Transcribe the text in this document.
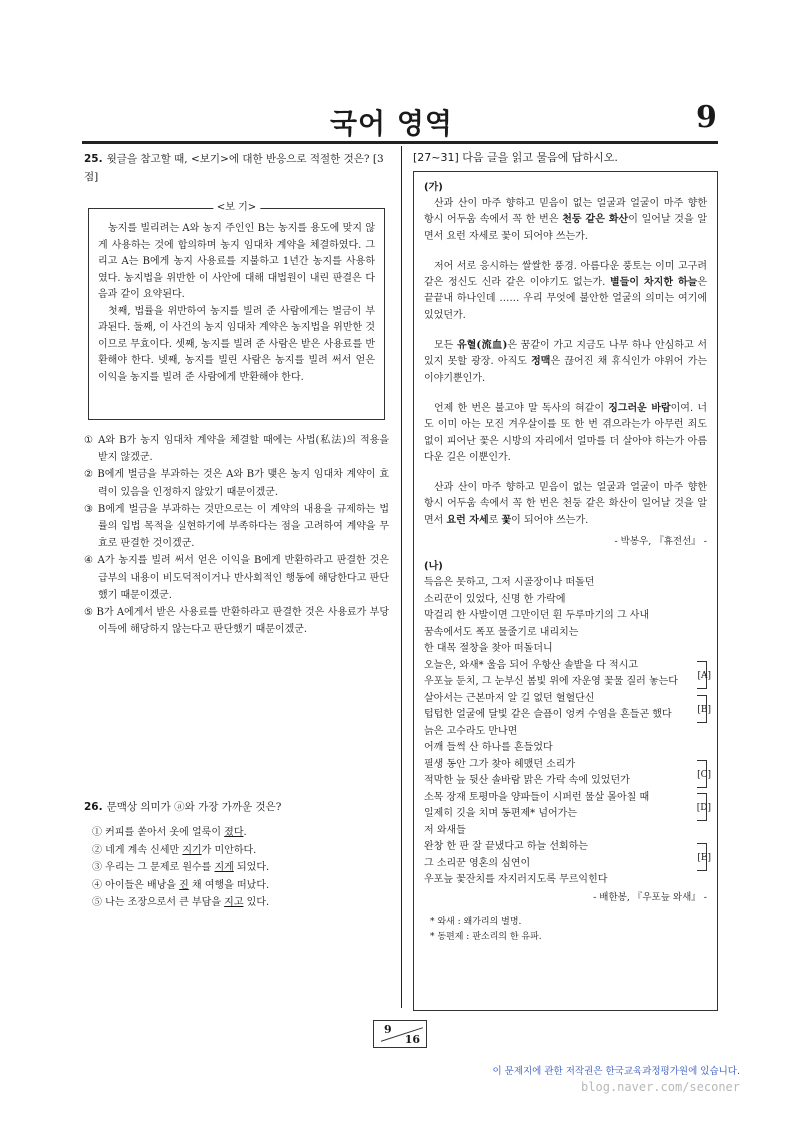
국어 영역	9
25. 윗글을 참고할 때, <보기>에 대한 반응으로 적절한 것은? [3점]
<보 기>

농지를 빌리려는 A와 농지 주인인 B는 농지를 용도에 맞지 않게 사용하는 것에 합의하며 농지 임대차 계약을 체결하였다. 그리고 A는 B에게 농지 사용료를 지불하고 1년간 농지를 사용하였다. 농지법을 위반한 이 사안에 대해 대법원이 내린 판결은 다음과 같이 요약된다.

첫째, 법률을 위반하여 농지를 빌려 준 사람에게는 벌금이 부과된다. 둘째, 이 사건의 농지 임대차 계약은 농지법을 위반한 것이므로 무효이다. 셋째, 농지를 빌려 준 사람은 받은 사용료를 반환해야 한다. 넷째, 농지를 빌린 사람은 농지를 빌려 써서 얻은 이익을 농지를 빌려 준 사람에게 반환해야 한다.

① A와 B가 농지 임대차 계약을 체결할 때에는 사법(私法)의 적용을 받지 않겠군.
② B에게 벌금을 부과하는 것은 A와 B가 맺은 농지 임대차 계약이 효력이 있음을 인정하지 않았기 때문이겠군.
③ B에게 벌금을 부과하는 것만으로는 이 계약의 내용을 규제하는 법률의 입법 목적을 실현하기에 부족하다는 점을 고려하여 계약을 무효로 판결한 것이겠군.
④ A가 농지를 빌려 써서 얻은 이익을 B에게 반환하라고 판결한 것은 급부의 내용이 비도덕적이거나 반사회적인 행동에 해당한다고 판단했기 때문이겠군.
⑤ B가 A에게서 받은 사용료를 반환하라고 판결한 것은 사용료가 부당 이득에 해당하지 않는다고 판단했기 때문이겠군.
26. 문맥상 의미가 ⓐ와 가장 가까운 것은?
① 커피를 쏟아서 옷에 얼룩이 졌다.
② 네게 계속 신세만 지기가 미안하다.
③ 우리는 그 문제로 원수를 지게 되었다.
④ 아이들은 배낭을 진 채 여행을 떠났다.
⑤ 나는 조장으로서 큰 부담을 지고 있다.
[27~31] 다음 글을 읽고 물음에 답하시오.
(가)

산과 산이 마주 향하고 믿음이 없는 얼굴과 얼굴이 마주 향한 항시 어두움 속에서 꼭 한 번은 천둥 같은 화산이 일어날 것을 알면서 요런 자세로 꽃이 되어야 쓰는가.

저어 서로 응시하는 쌀쌀한 풍경. 아름다운 풍토는 이미 고구려 같은 정신도 신라 같은 이야기도 없는가. 별들이 차지한 하늘은 끝끝내 하나인데 …… 우리 무엇에 불안한 얼굴의 의미는 여기에 있었던가.

모든 유혈(流血)은 꿈같이 가고 지금도 나무 하나 안심하고 서 있지 못할 광장. 아직도 정맥은 끊어진 채 휴식인가 야위어 가는 이야기뿐인가.

언제 한 번은 불고야 말 독사의 혀같이 징그러운 바람이여. 너도 이미 아는 모진 겨우살이를 또 한 번 겪으라는가 아무런 죄도 없이 피어난 꽃은 시방의 자리에서 얼마를 더 살아야 하는가 아름다운 길은 이뿐인가.

산과 산이 마주 향하고 믿음이 없는 얼굴과 얼굴이 마주 향한 항시 어두움 속에서 꼭 한 번은 천둥 같은 화산이 일어날 것을 알면서 요런 자세로 꽃이 되어야 쓰는가.

- 박봉우, 『휴전선』 -
(나)
득음은 못하고, 그저 시골장이나 떠돌던
소리꾼이 있었다, 신명 한 가락에
막걸리 한 사발이면 그만이던 흰 두루마기의 그 사내
꿈속에서도 폭포 물줄기로 내리치는
한 대목 절창을 찾아 떠돌더니
오늘은, 와새* 울음 되어 우항산 솔밭을 다 적시고
우포늪 둔치, 그 눈부신 봄빛 위에 자운영 꽃물 질러 놓는다
살아서는 근본마저 알 길 없던 혈혈단신
텁텁한 얼굴에 달빛 같은 슬픔이 엉켜 수염을 흔들곤 했다
늙은 고수라도 만나면
어깨 들썩 산 하나를 흔들었다
필생 동안 그가 찾아 헤맸던 소리가
적막한 늪 뒷산 솔바람 맑은 가락 속에 있었던가
소목 장재 토평마을 양파들이 시퍼런 물살 몰아칠 때
일제히 깃을 치며 동편제* 넘어가는
저 와새들
완창 한 판 잘 끝냈다고 하늘 선회하는
그 소리꾼 영혼의 심연이
우포늪 꽃잔치를 자지러지도록 무르익힌다
[A]
[B]
[C]
[D]
[E]
- 배한봉, 『우포늪 와새』 -
* 와새 : 왜가리의 별명.
* 동편제 : 판소리의 한 유파.
9
16
이 문제지에 관한 저작권은 한국교육과정평가원에 있습니다.
blog.naver.com/seconer
